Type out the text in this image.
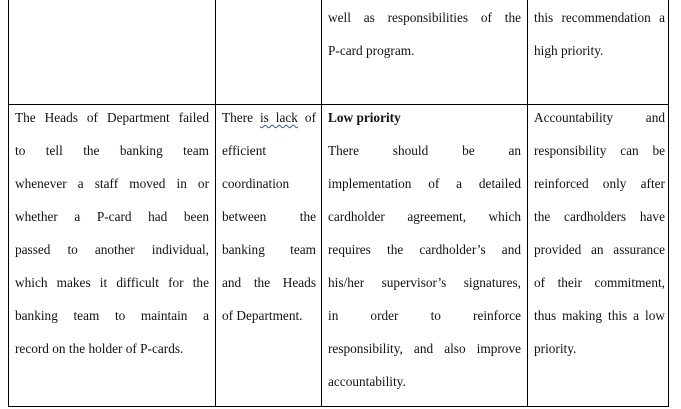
well as responsibilities of the
P-card program.
this recommendation a
high priority.
The Heads of Department failed
to tell the banking team
whenever a staff moved in or
whether a P-card had been
passed to another individual,
which makes it difficult for the
banking team to maintain a
record on the holder of P-cards.
There is lack of
efficient
coordination
between the
banking team
and the Heads
of Department.
Low priority
There should be an
implementation of a detailed
cardholder agreement, which
requires the cardholder’s and
his/her supervisor’s signatures,
in order to reinforce
responsibility, and also improve
accountability.
Accountability and
responsibility can be
reinforced only after
the cardholders have
provided an assurance
of their commitment,
thus making this a low
priority.
